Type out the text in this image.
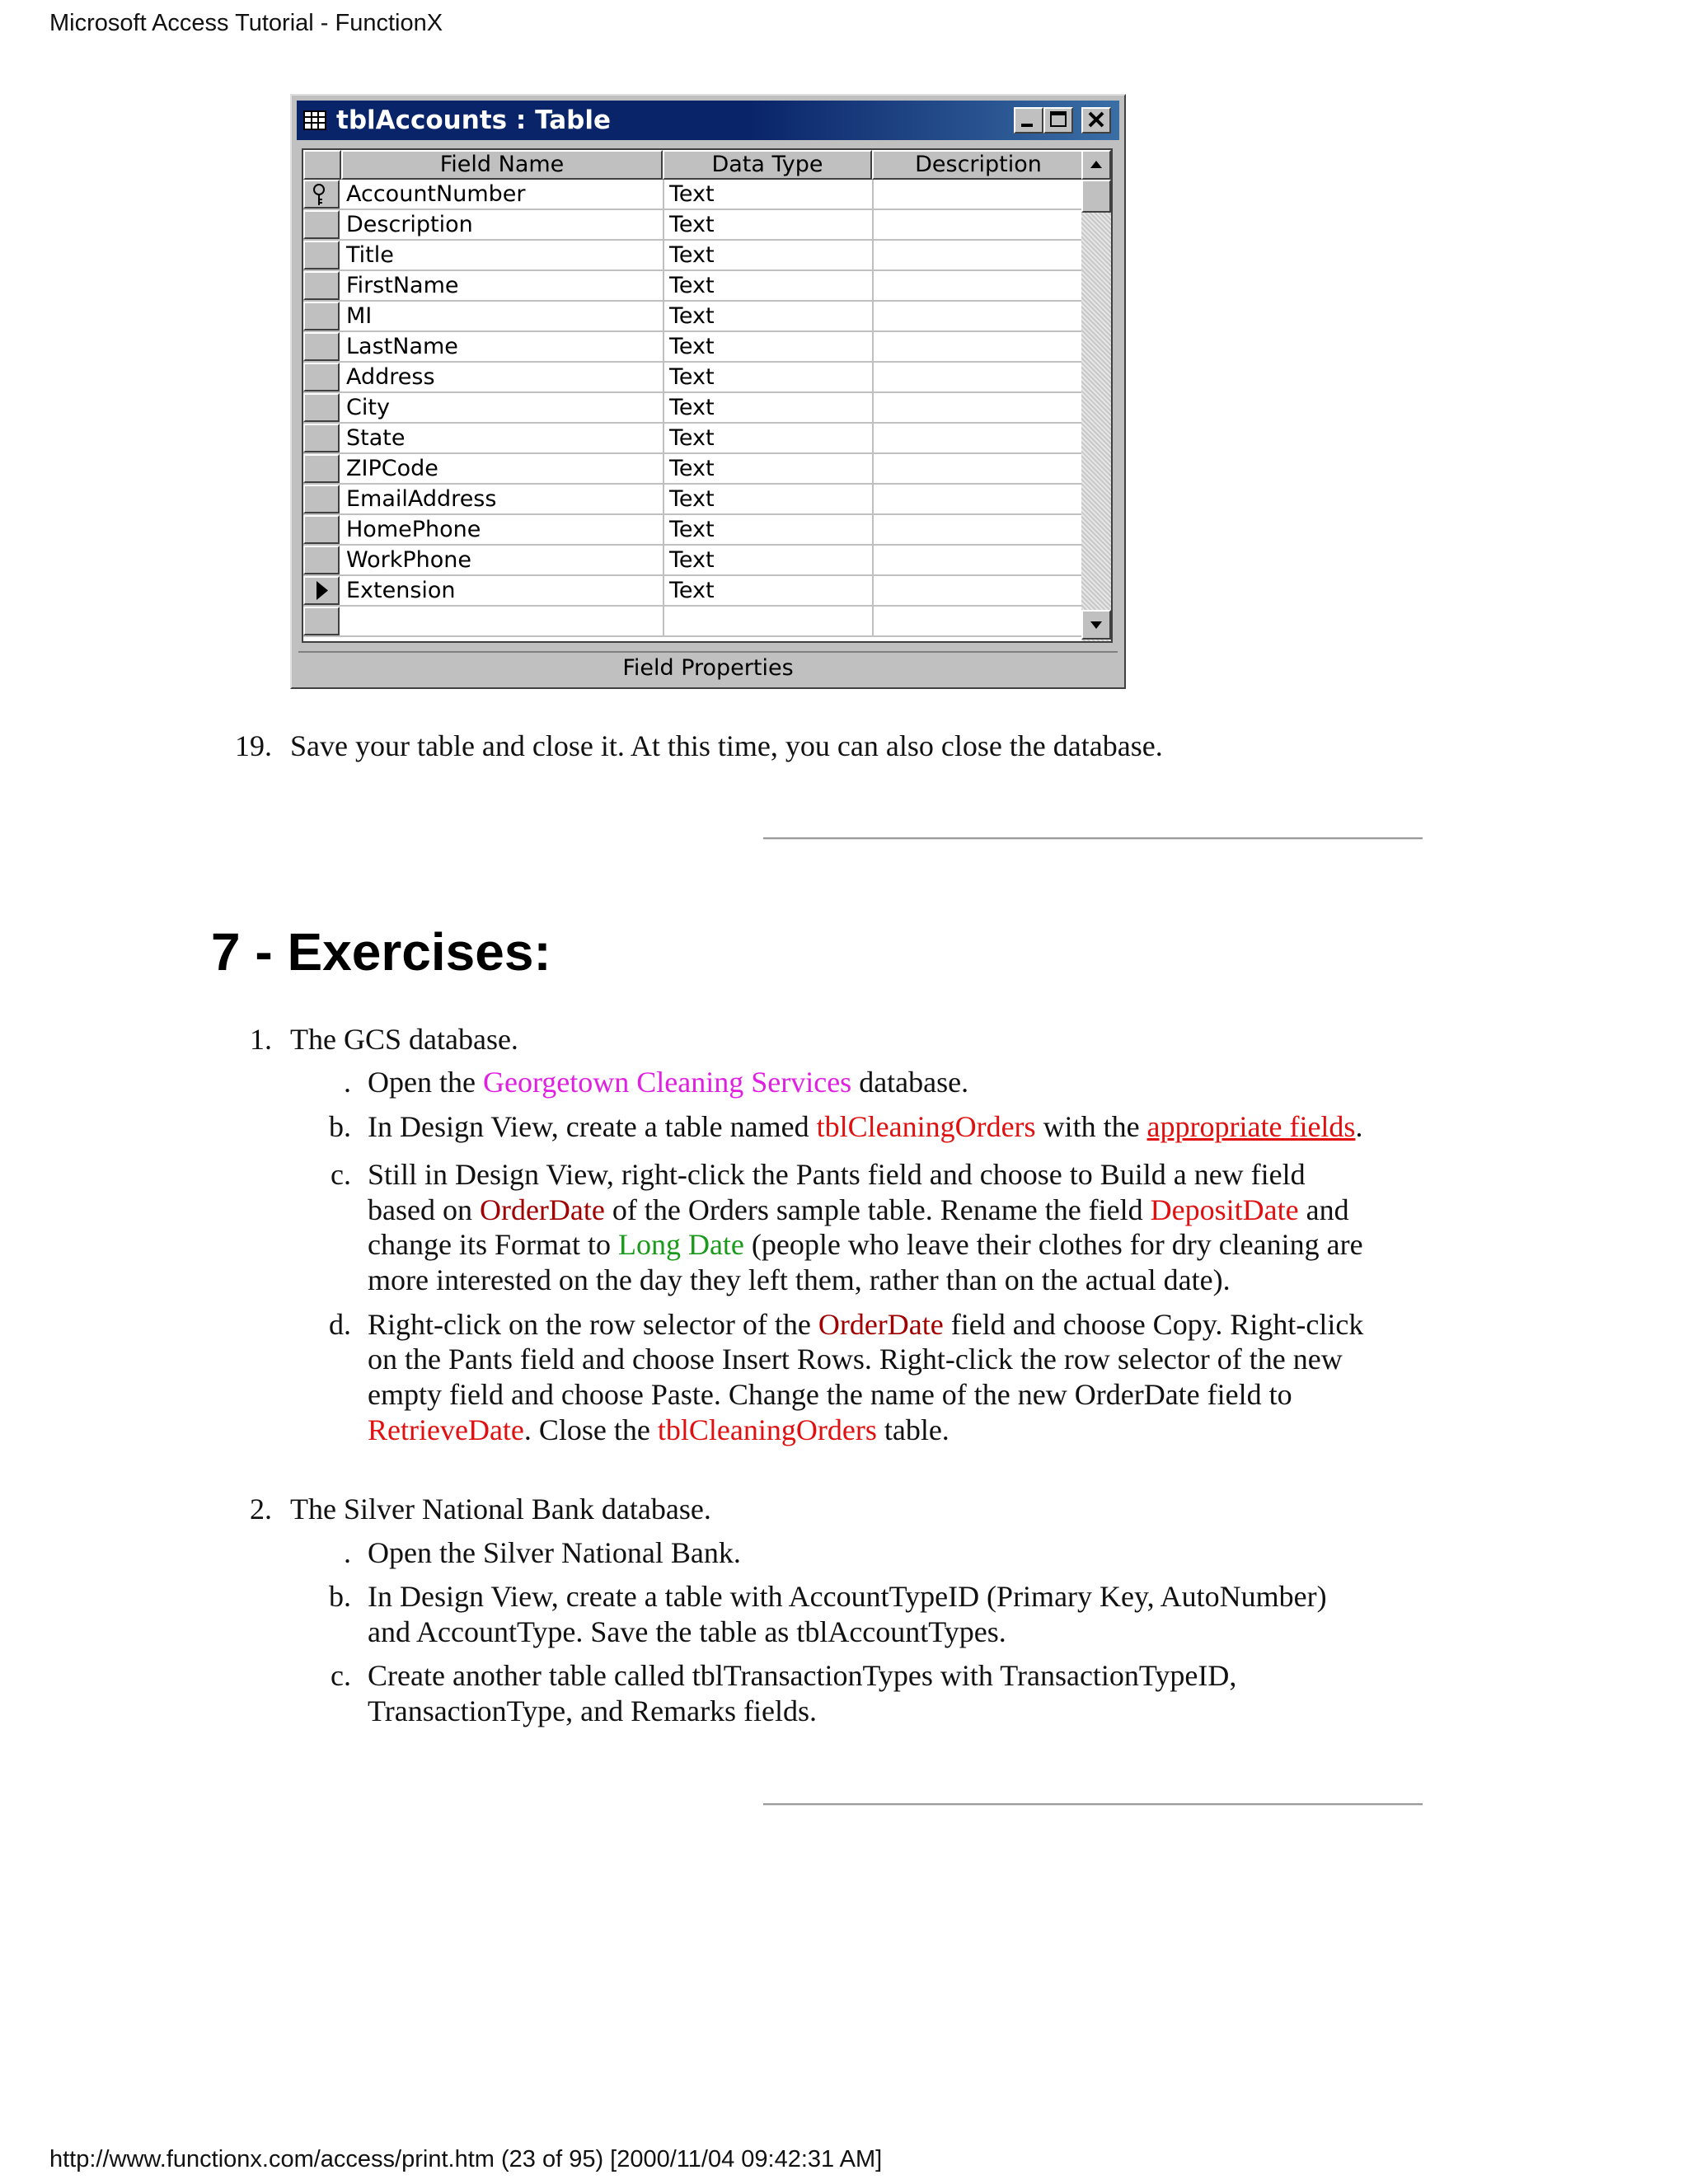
Microsoft Access Tutorial - FunctionX
tblAccounts : Table
Field Name	Data Type	Description
AccountNumber	Text
Description	Text
Title	Text
FirstName	Text
MI	Text
LastName	Text
Address	Text
City	Text
State	Text
ZIPCode	Text
EmailAddress	Text
HomePhone	Text
WorkPhone	Text
Extension	Text
Field Properties
19. Save your table and close it. At this time, you can also close the database.
7 - Exercises:
1. The GCS database.
. Open the Georgetown Cleaning Services database.
b. In Design View, create a table named tblCleaningOrders with the appropriate fields.
c. Still in Design View, right-click the Pants field and choose to Build a new field
based on OrderDate of the Orders sample table. Rename the field DepositDate and
change its Format to Long Date (people who leave their clothes for dry cleaning are
more interested on the day they left them, rather than on the actual date).
d. Right-click on the row selector of the OrderDate field and choose Copy. Right-click
on the Pants field and choose Insert Rows. Right-click the row selector of the new
empty field and choose Paste. Change the name of the new OrderDate field to
RetrieveDate. Close the tblCleaningOrders table.
2. The Silver National Bank database.
. Open the Silver National Bank.
b. In Design View, create a table with AccountTypeID (Primary Key, AutoNumber)
and AccountType. Save the table as tblAccountTypes.
c. Create another table called tblTransactionTypes with TransactionTypeID,
TransactionType, and Remarks fields.
http://www.functionx.com/access/print.htm (23 of 95) [2000/11/04 09:42:31 AM]
